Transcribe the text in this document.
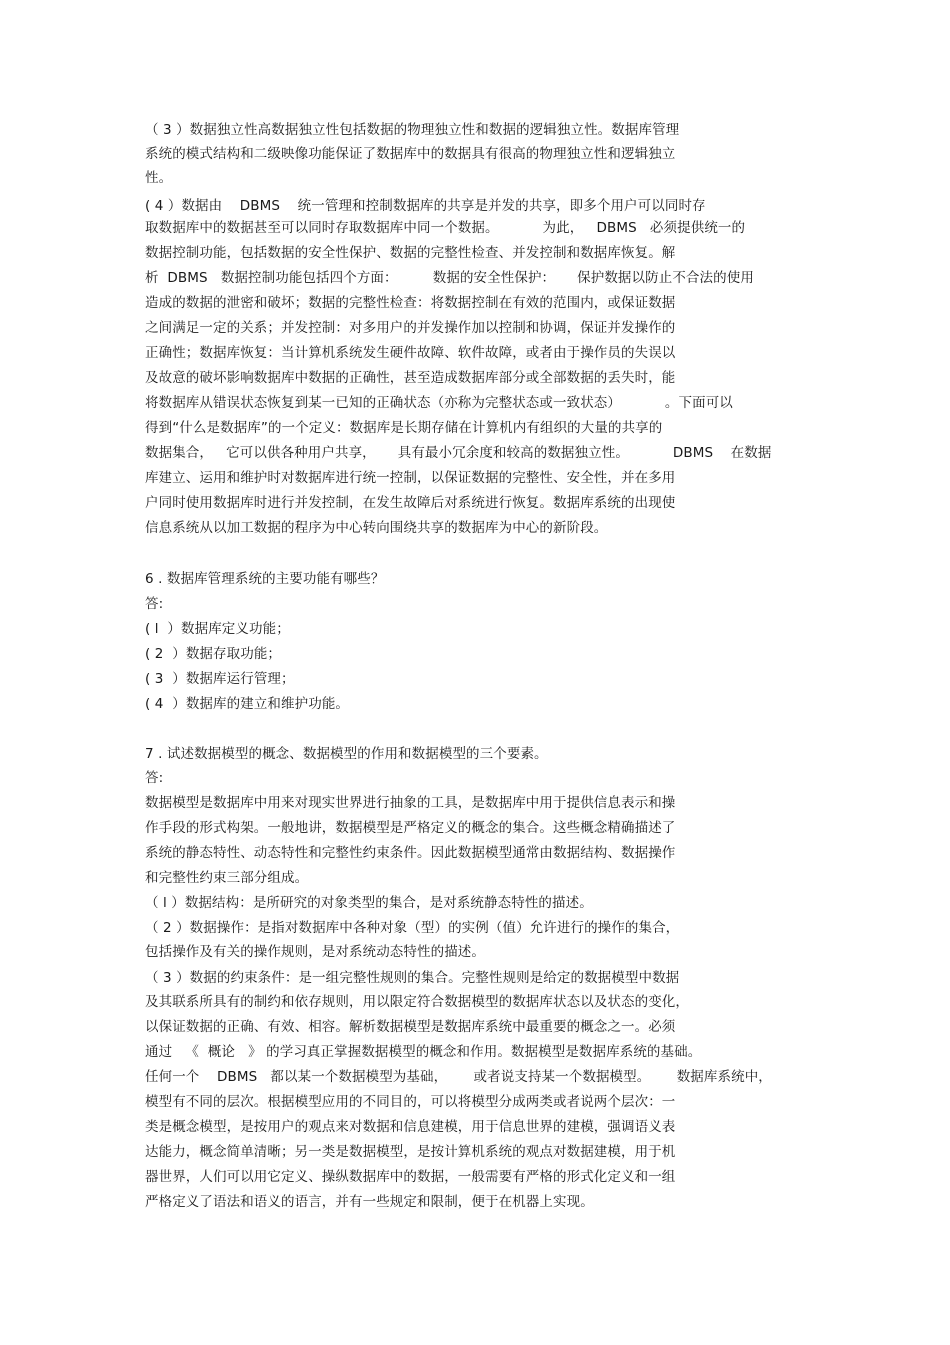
（ 3 ）数据独立性高数据独立性包括数据的物理独立性和数据的逻辑独立性。数据库管理
系统的模式结构和二级映像功能保证了数据库中的数据具有很高的物理独立性和逻辑独立
性。
( 4 ）数据由    DBMS    统一管理和控制数据库的共享是并发的共享，即多个用户可以同时存
取数据库中的数据甚至可以同时存取数据库中同一个数据。          为此，   DBMS   必须提供统一的
数据控制功能，包括数据的安全性保护、数据的完整性检查、并发控制和数据库恢复。解
析  DBMS   数据控制功能包括四个方面：        数据的安全性保护：     保护数据以防止不合法的使用
造成的数据的泄密和破坏；数据的完整性检查：将数据控制在有效的范围内，或保证数据
之间满足一定的关系；并发控制：对多用户的并发操作加以控制和协调，保证并发操作的
正确性；数据库恢复：当计算机系统发生硬件故障、软件故障，或者由于操作员的失误以
及故意的破坏影响数据库中数据的正确性，甚至造成数据库部分或全部数据的丢失时，能
将数据库从错误状态恢复到某一已知的正确状态（亦称为完整状态或一致状态）          。下面可以
得到“什么是数据库”的一个定义：数据库是长期存储在计算机内有组织的大量的共享的
数据集合，   它可以供各种用户共享，     具有最小冗余度和较高的数据独立性。          DBMS    在数据
库建立、运用和维护时对数据库进行统一控制，以保证数据的完整性、安全性，并在多用
户同时使用数据库时进行并发控制，在发生故障后对系统进行恢复。数据库系统的出现使
信息系统从以加工数据的程序为中心转向围绕共享的数据库为中心的新阶段。
6 . 数据库管理系统的主要功能有哪些？
答:
( l  ）数据库定义功能；
( 2  ）数据存取功能；
( 3  ）数据库运行管理；
( 4  ）数据库的建立和维护功能。
7 . 试述数据模型的概念、数据模型的作用和数据模型的三个要素。
答:
数据模型是数据库中用来对现实世界进行抽象的工具，是数据库中用于提供信息表示和操
作手段的形式构架。一般地讲，数据模型是严格定义的概念的集合。这些概念精确描述了
系统的静态特性、动态特性和完整性约束条件。因此数据模型通常由数据结构、数据操作
和完整性约束三部分组成。
（ l ）数据结构：是所研究的对象类型的集合，是对系统静态特性的描述。
（ 2 ）数据操作：是指对数据库中各种对象（型）的实例（值）允许进行的操作的集合，
包括操作及有关的操作规则，是对系统动态特性的描述。
（ 3 ）数据的约束条件：是一组完整性规则的集合。完整性规则是给定的数据模型中数据
及其联系所具有的制约和依存规则，用以限定符合数据模型的数据库状态以及状态的变化，
以保证数据的正确、有效、相容。解析数据模型是数据库系统中最重要的概念之一。必须
通过   《  概论   》 的学习真正掌握数据模型的概念和作用。数据模型是数据库系统的基础。
任何一个    DBMS   都以某一个数据模型为基础，      或者说支持某一个数据模型。      数据库系统中，
模型有不同的层次。根据模型应用的不同目的，可以将模型分成两类或者说两个层次：一
类是概念模型，是按用户的观点来对数据和信息建模，用于信息世界的建模，强调语义表
达能力，概念简单清晰；另一类是数据模型，是按计算机系统的观点对数据建模，用于机
器世界，人们可以用它定义、操纵数据库中的数据，一般需要有严格的形式化定义和一组
严格定义了语法和语义的语言，并有一些规定和限制，便于在机器上实现。
